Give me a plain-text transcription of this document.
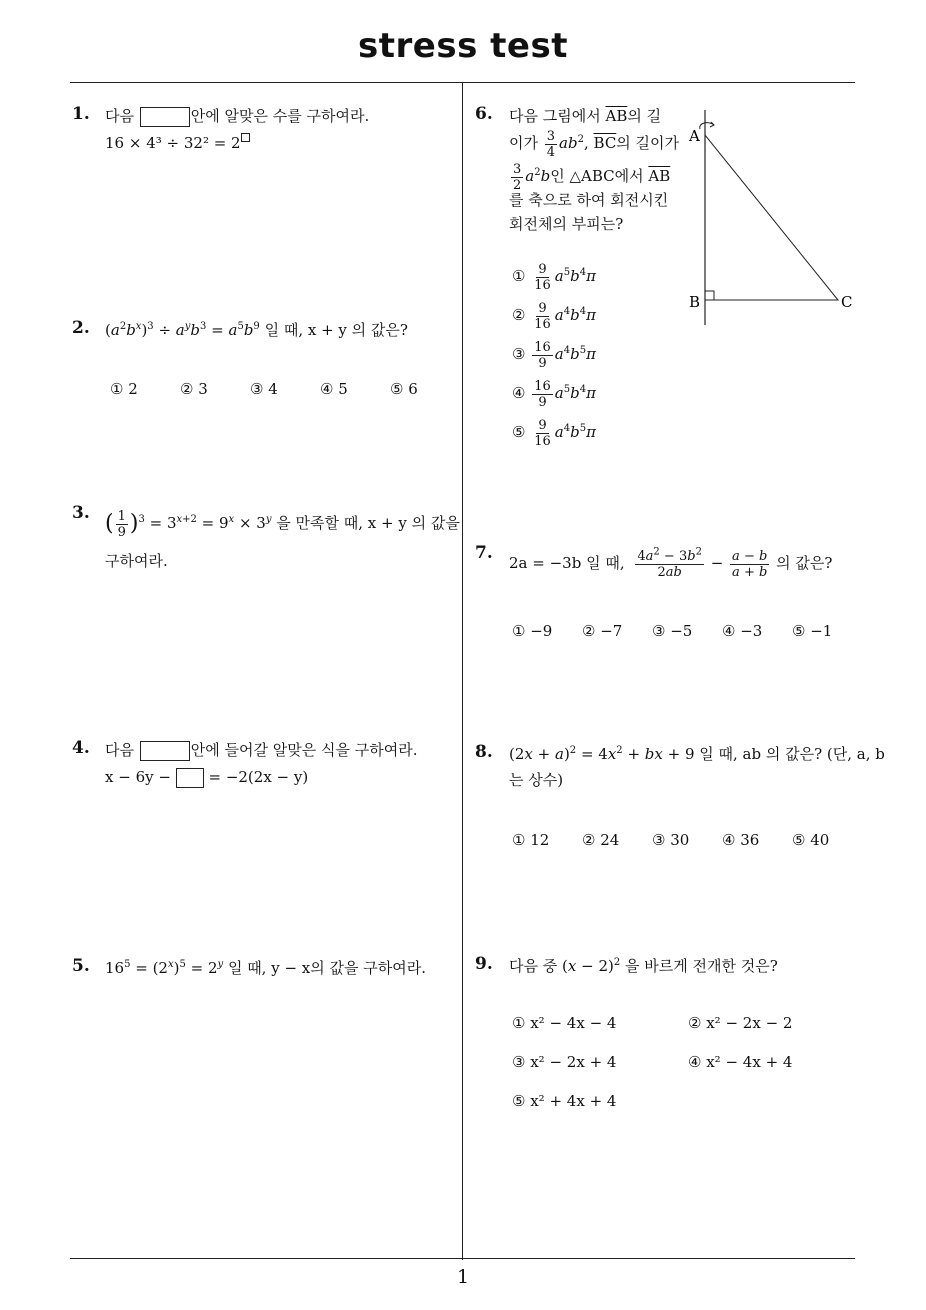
stress test
1
1. 다음	안에 알맞은 수를 구하여라.
16 × 4³ ÷ 32² = 2
2. $(a^2b^x)^3 \div a^yb^3 = a^5b^9$ 일 때, x + y 의 값은?
① 2	② 3	③ 4	④ 5	⑤ 6
3. ( $\frac{1}{9} )^3 = 3^{x+2} = 9^x \times 3^y$ 을 만족할 때, x + y 의 값을
구하여라.
4. 다음	안에 들어갈 알맞은 식을 구하여라.
x − 6y −	= −2(2x − y)
5. $16^5 = (2^x)^5 = 2^y$ 일 때, y − x의 값을 구하여라.
6. 다음 그림에서 $\overline{AB}$의 길
이가 $\frac{3}{4} ab^2$, $\overline{BC}$의 길이가
$\frac{3}{2} a^2b$인 △ABC에서 $\overline{AB}$
를 축으로 하여 회전시킨
회전체의 부피는?
① $\frac{9}{16} a^5b^4\pi$
② $\frac{9}{16} a^4b^4\pi$
③ $\frac{16}{9} a^4b^5\pi$
④ $\frac{16}{9} a^5b^4\pi$
⑤ $\frac{9}{16} a^4b^5\pi$
A
B	C
7. 2a = −3b 일 때, $\frac{4a^2 - 3b^2}{2ab} - \frac{a - b}{a + b}$ 의 값은?
① −9 ② −7 ③ −5 ④ −3 ⑤ −1
8. $(2x + a)^2 = 4x^2$ + bx + 9 일 때, ab 의 값은? (단, a, b
는 상수)
① 12 ② 24 ③ 30 ④ 36 ⑤ 40
9. 다음 중 $(x - 2)^2$ 을 바르게 전개한 것은?
① x² − 4x − 4	② x² − 2x − 2
③ x² − 2x + 4	④ x² − 4x + 4
⑤ x² + 4x + 4
